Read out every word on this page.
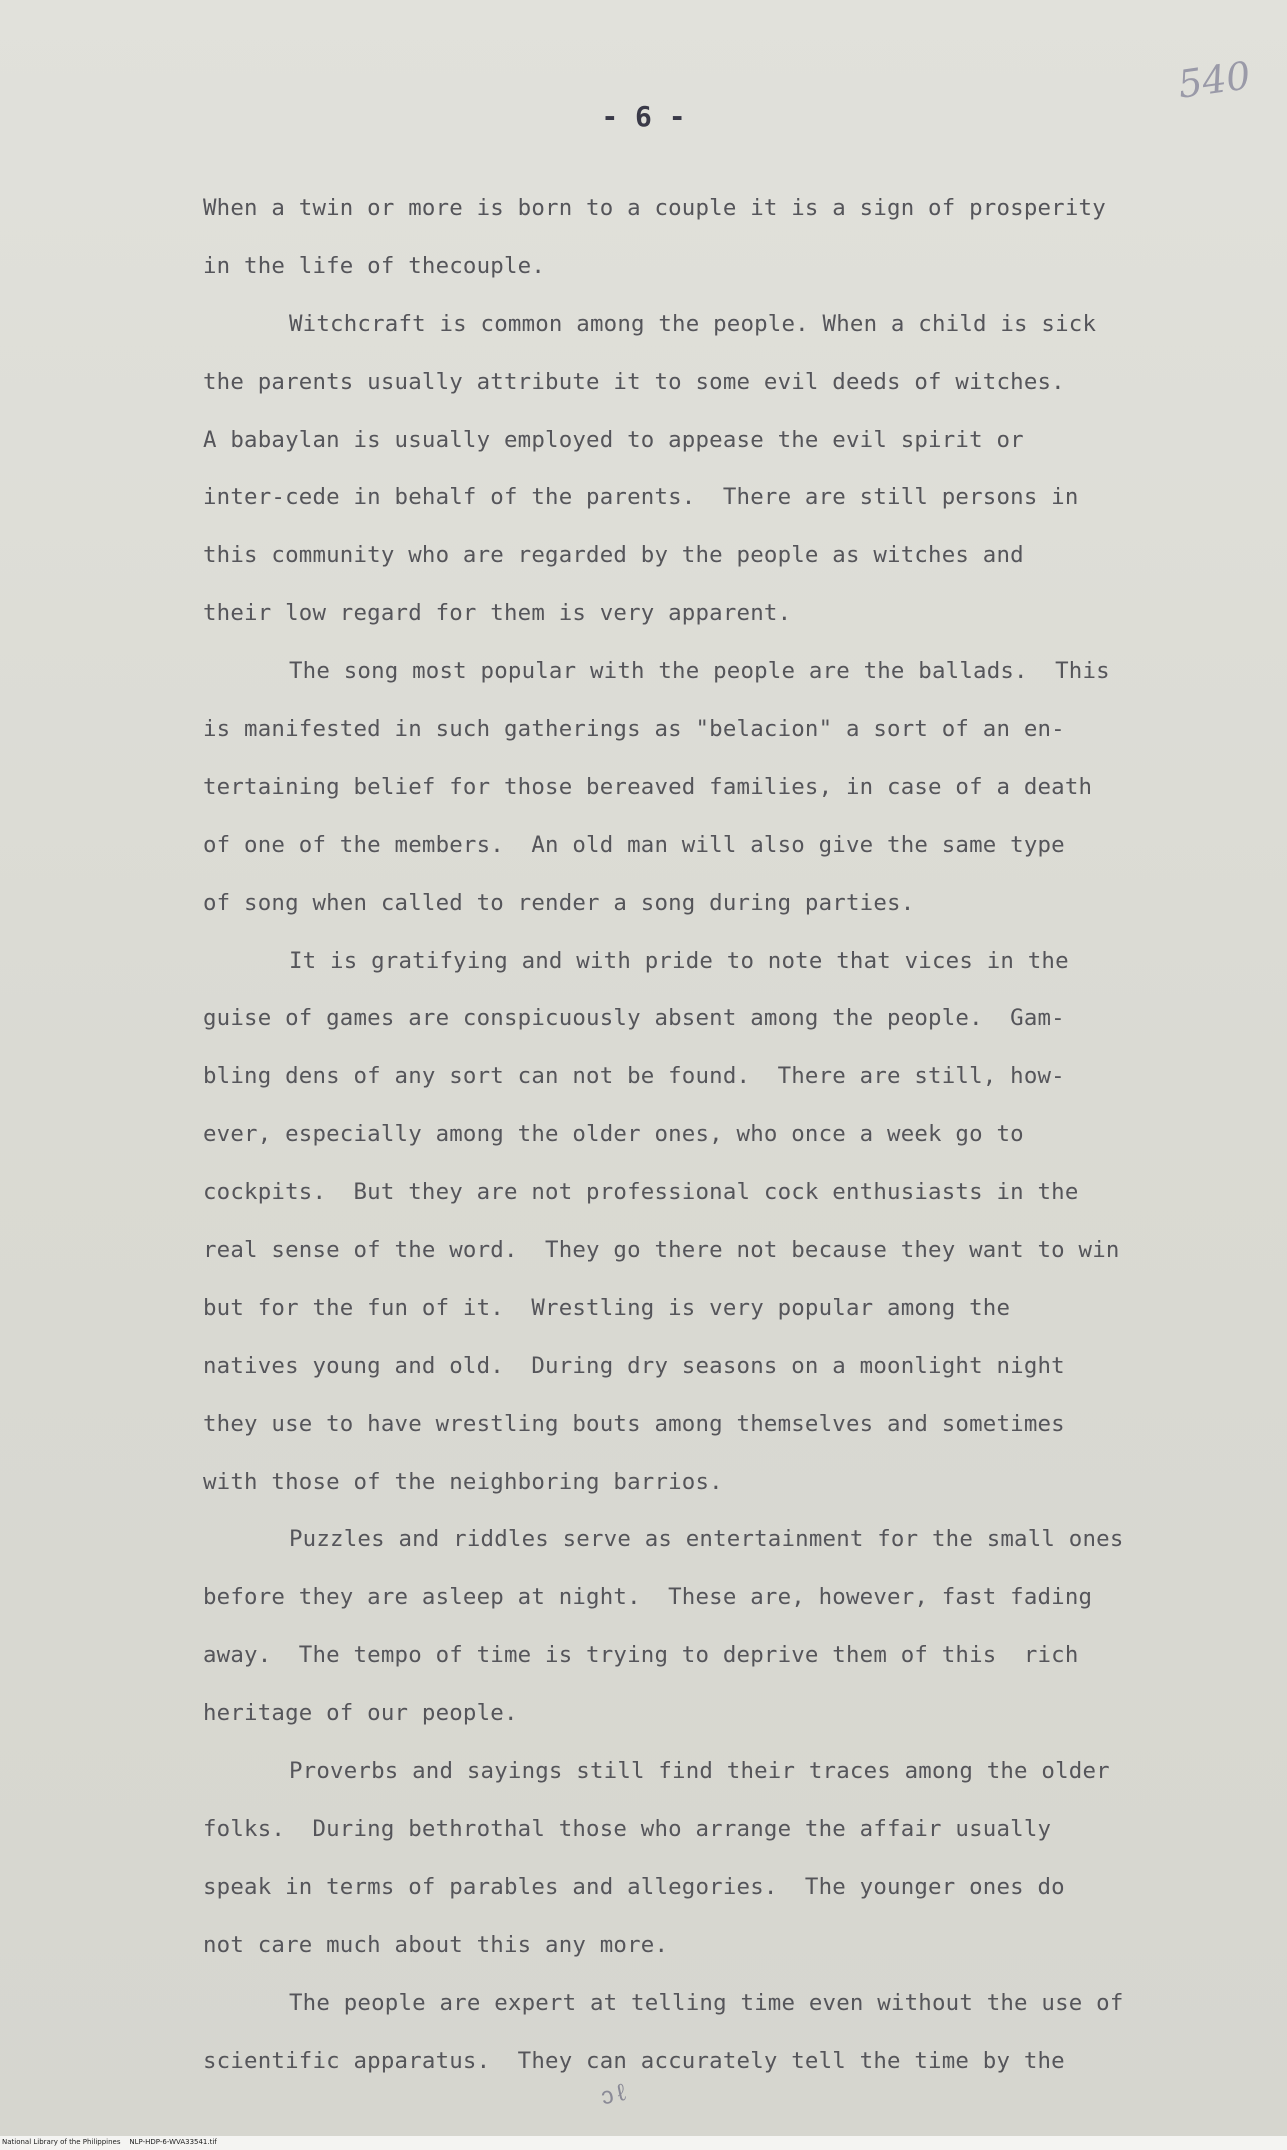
540
- 6 -
When a twin or more is born to a couple it is a sign of prosperity
in the life of thecouple.
Witchcraft is common among the people. When a child is sick
the parents usually attribute it to some evil deeds of witches.
A babaylan is usually employed to appease the evil spirit or
inter-cede in behalf of the parents.  There are still persons in
this community who are regarded by the people as witches and
their low regard for them is very apparent.
The song most popular with the people are the ballads.  This
is manifested in such gatherings as "belacion" a sort of an en-
tertaining belief for those bereaved families, in case of a death
of one of the members.  An old man will also give the same type
of song when called to render a song during parties.
It is gratifying and with pride to note that vices in the
guise of games are conspicuously absent among the people.  Gam-
bling dens of any sort can not be found.  There are still, how-
ever, especially among the older ones, who once a week go to
cockpits.  But they are not professional cock enthusiasts in the
real sense of the word.  They go there not because they want to win
but for the fun of it.  Wrestling is very popular among the
natives young and old.  During dry seasons on a moonlight night
they use to have wrestling bouts among themselves and sometimes
with those of the neighboring barrios.
Puzzles and riddles serve as entertainment for the small ones
before they are asleep at night.  These are, however, fast fading
away.  The tempo of time is trying to deprive them of this  rich
heritage of our people.
Proverbs and sayings still find their traces among the older
folks.  During bethrothal those who arrange the affair usually
speak in terms of parables and allegories.  The younger ones do
not care much about this any more.
The people are expert at telling time even without the use of
scientific apparatus.  They can accurately tell the time by the
ↄℓ
National Library of the Philippines    NLP-HDP-6-WVA33541.tif
